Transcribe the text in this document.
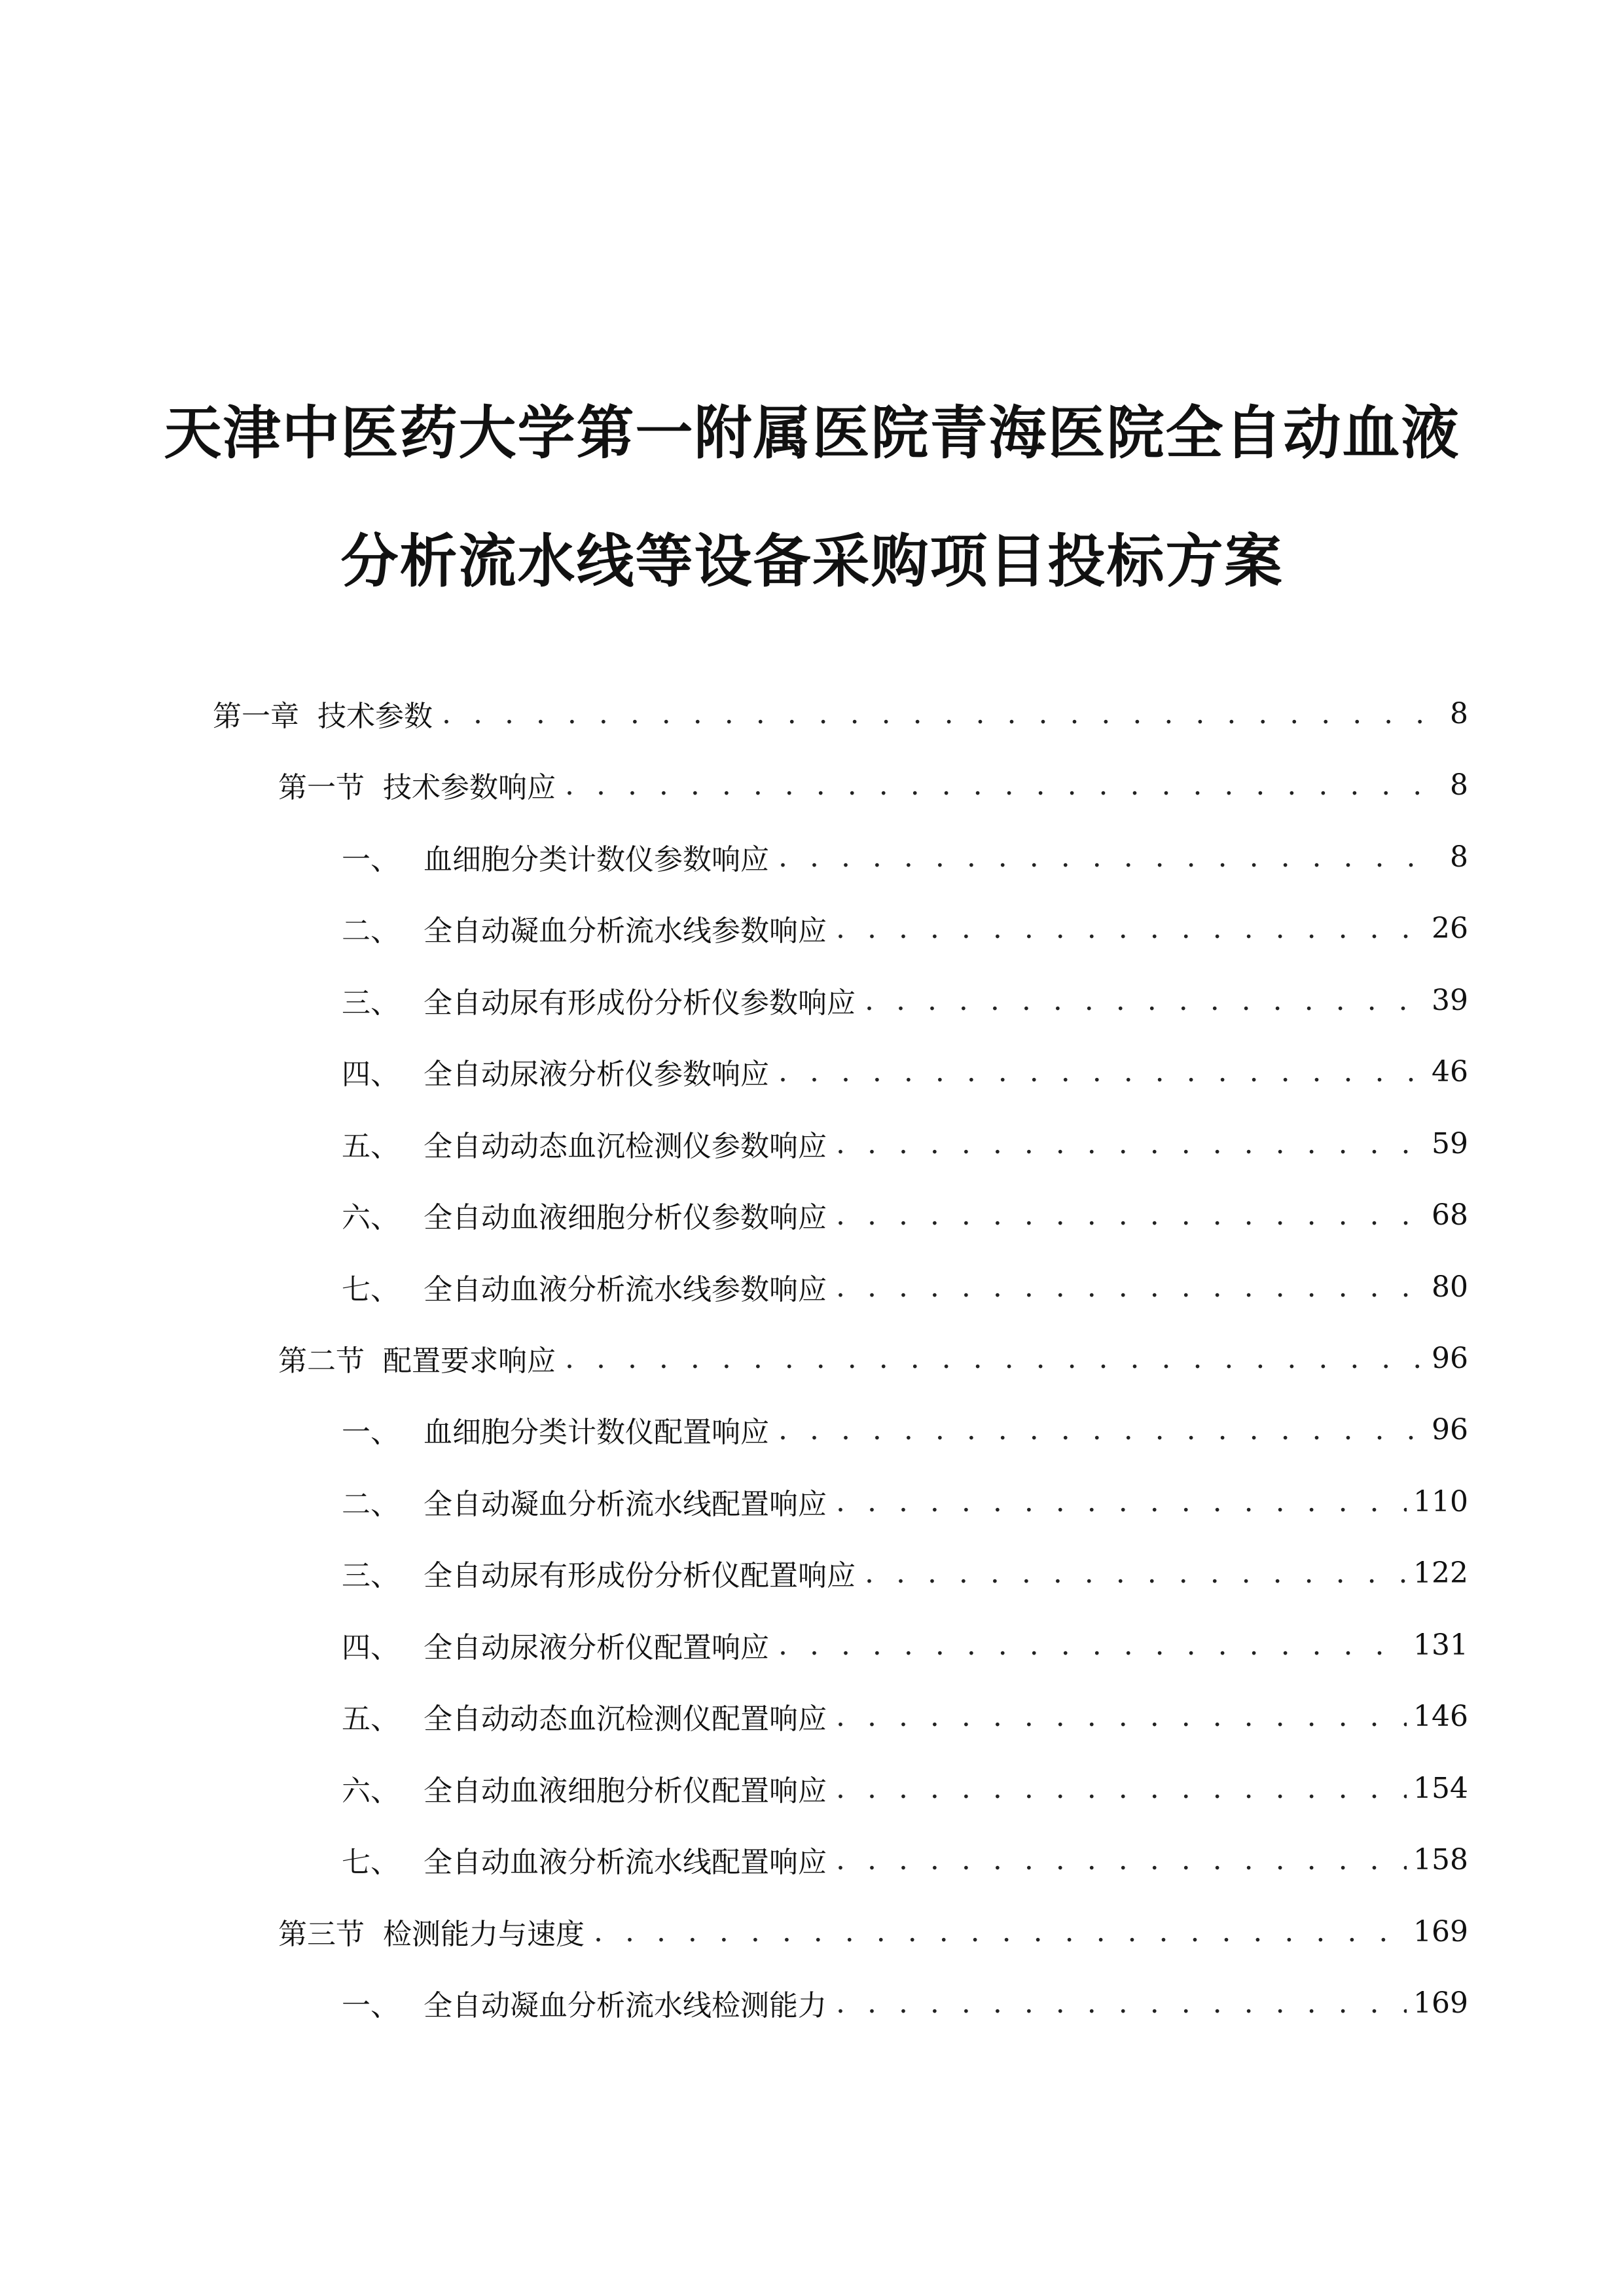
天津中医药大学第一附属医院青海医院全自动血液
分析流水线等设备采购项目投标方案
第一章 技术参数 . . .	8
第一节 技术参数响应 . . .	8
一、 血细胞分类计数仪参数响应 . . .	8
二、 全自动凝血分析流水线参数响应 . . .	26
三、 全自动尿有形成份分析仪参数响应 . . .	39
四、 全自动尿液分析仪参数响应 . . .	46
五、 全自动动态血沉检测仪参数响应 . . .	59
六、 全自动血液细胞分析仪参数响应 . . .	68
七、 全自动血液分析流水线参数响应 . . .	80
第二节 配置要求响应 . . .	96
一、 血细胞分类计数仪配置响应 . . .	96
二、 全自动凝血分析流水线配置响应 . . .	110
三、 全自动尿有形成份分析仪配置响应 . . .	122
四、 全自动尿液分析仪配置响应 . . .	131
五、 全自动动态血沉检测仪配置响应 . . .	146
六、 全自动血液细胞分析仪配置响应 . . .	154
七、 全自动血液分析流水线配置响应 . . .	158
第三节 检测能力与速度 . . .	169
一、 全自动凝血分析流水线检测能力 . . .	169
